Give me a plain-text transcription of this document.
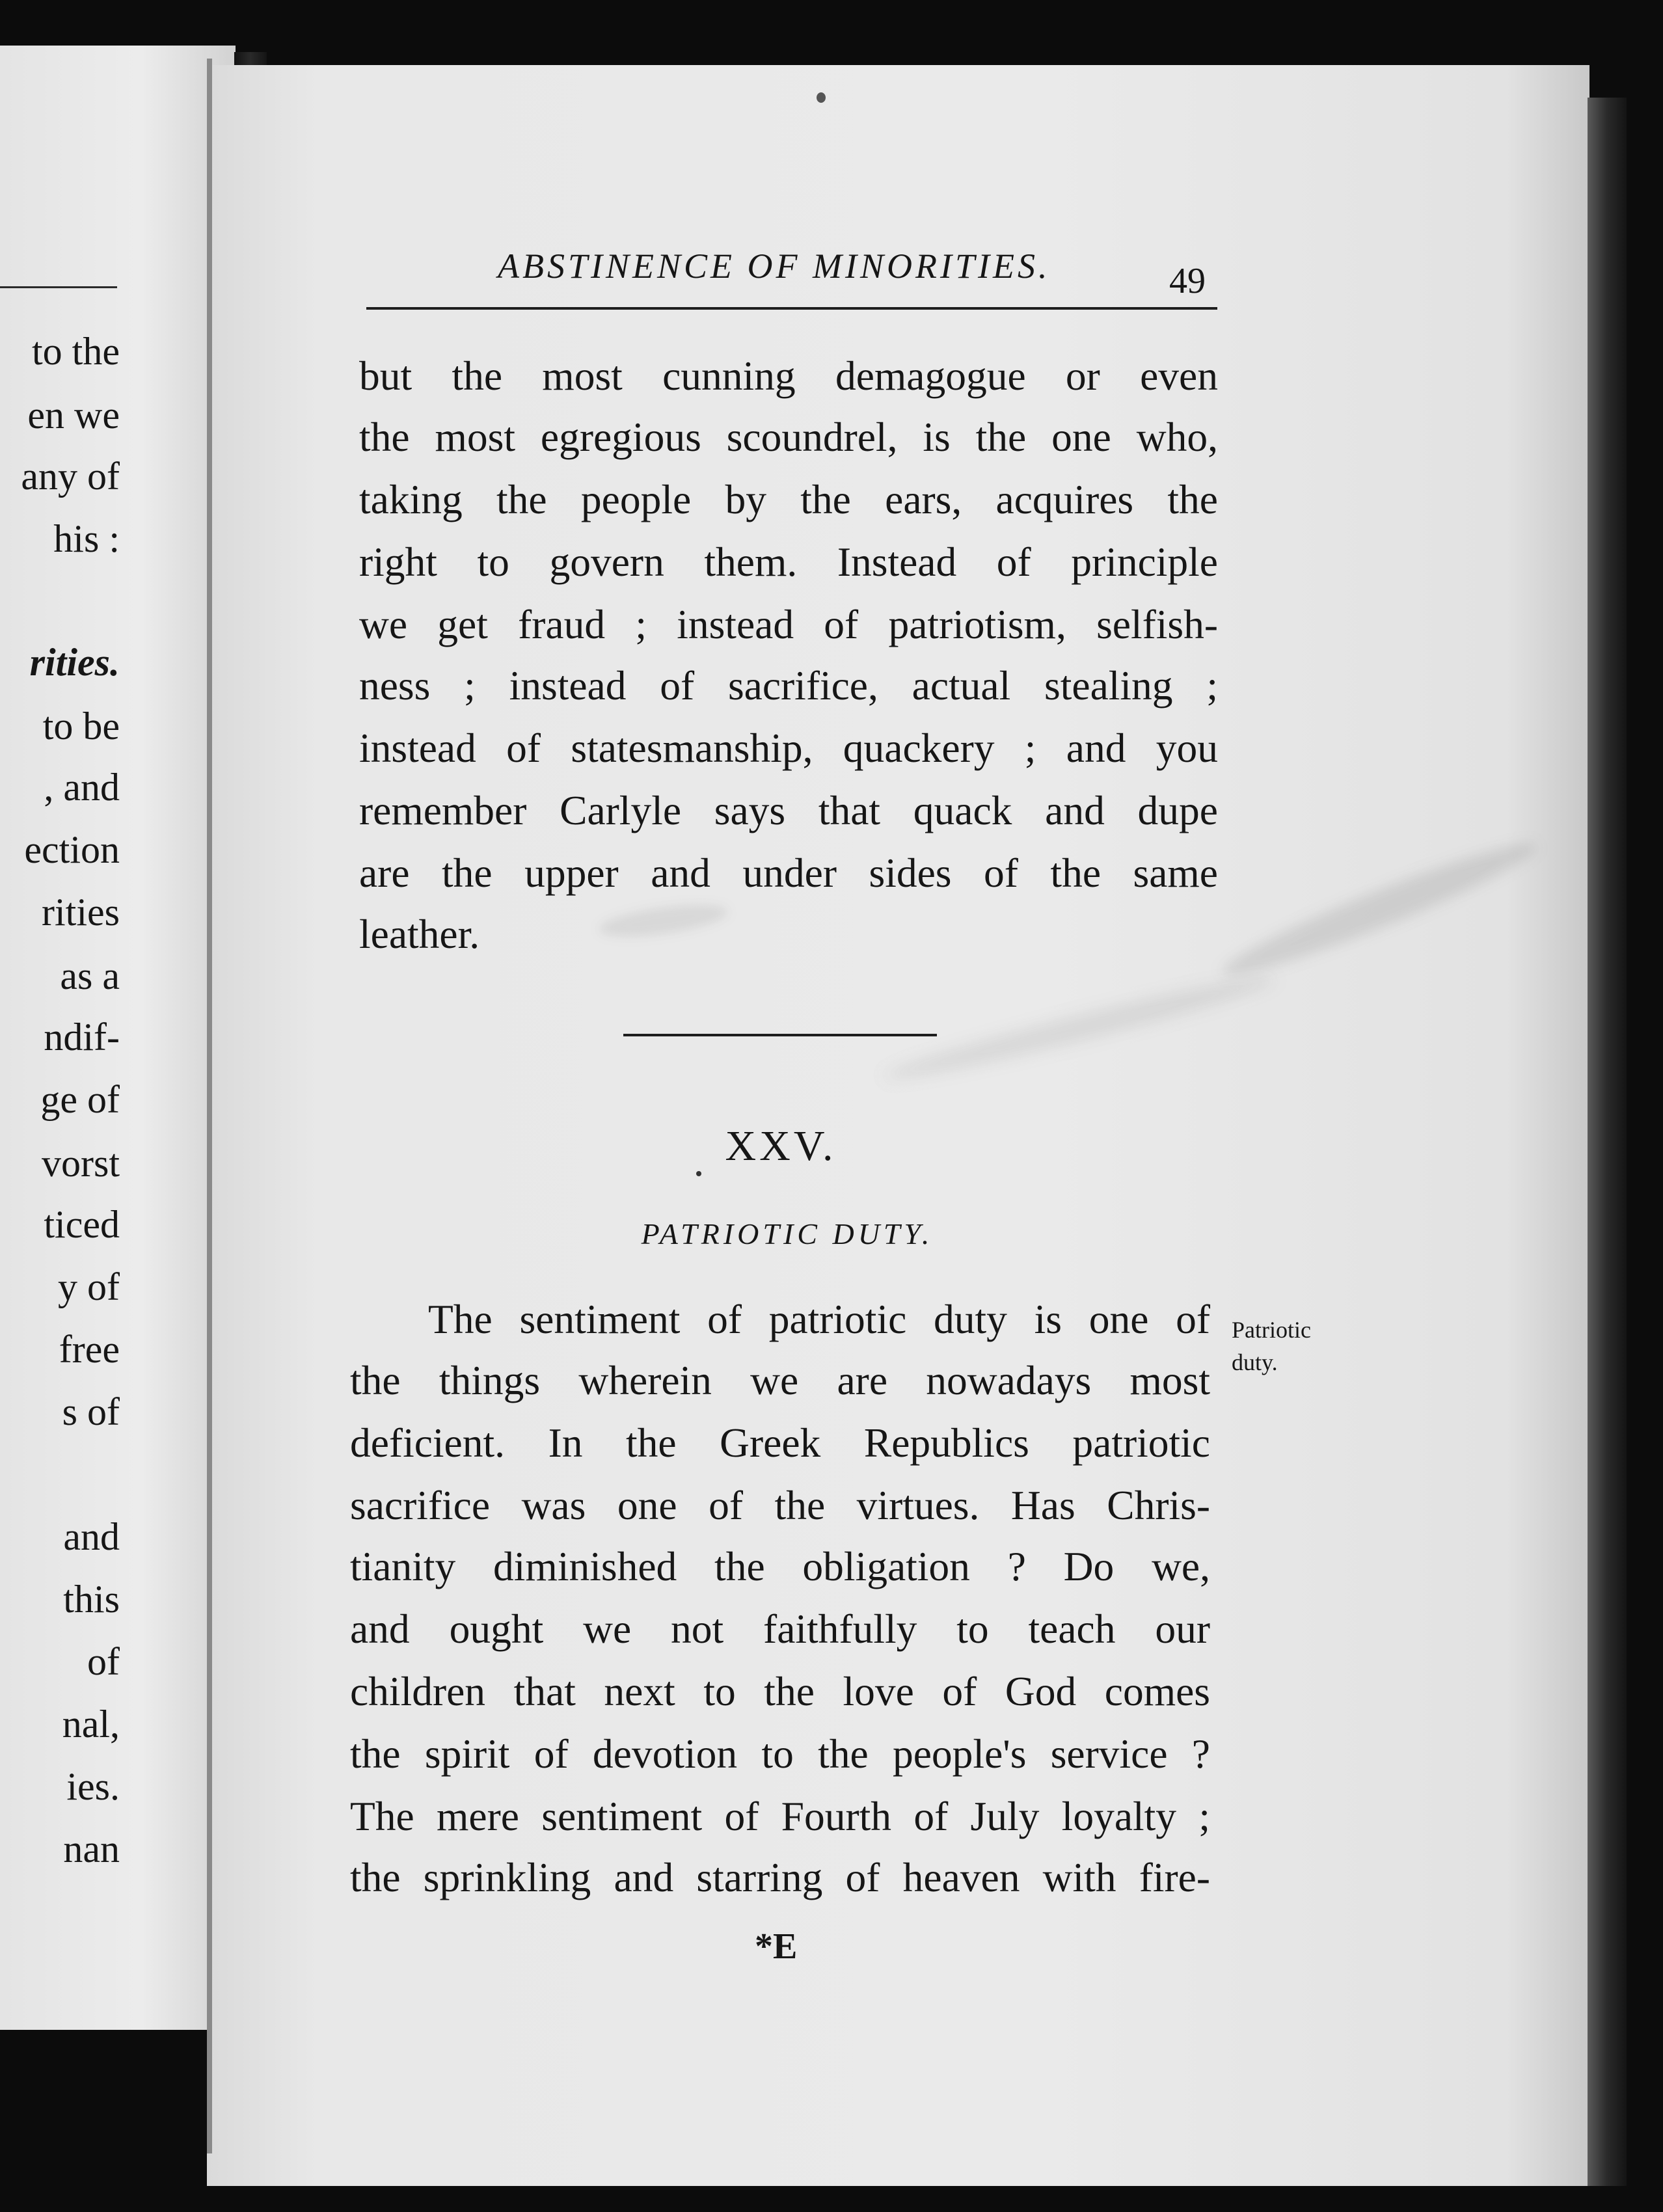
to the
en we
any of
his :
rities.
to be
, and
ection
rities
as a
ndif-
ge of
vorst
ticed
y of
free
s of
and
this
of
nal,
ies.
nan
ABSTINENCE OF MINORITIES.	49
but the most cunning demagogue or even
the most egregious scoundrel, is the one who,
taking the people by the ears, acquires the
right to govern them. Instead of principle
we get fraud ; instead of patriotism, selfish-
ness ; instead of sacrifice, actual stealing ;
instead of statesmanship, quackery ; and you
remember Carlyle says that quack and dupe
are the upper and under sides of the same
leather.
XXV.
PATRIOTIC DUTY.
Patriotic
duty.
The sentiment of patriotic duty is one of
the things wherein we are nowadays most
deficient. In the Greek Republics patriotic
sacrifice was one of the virtues. Has Chris-
tianity diminished the obligation ? Do we,
and ought we not faithfully to teach our
children that next to the love of God comes
the spirit of devotion to the people's service ?
The mere sentiment of Fourth of July loyalty ;
the sprinkling and starring of heaven with fire-
*E
